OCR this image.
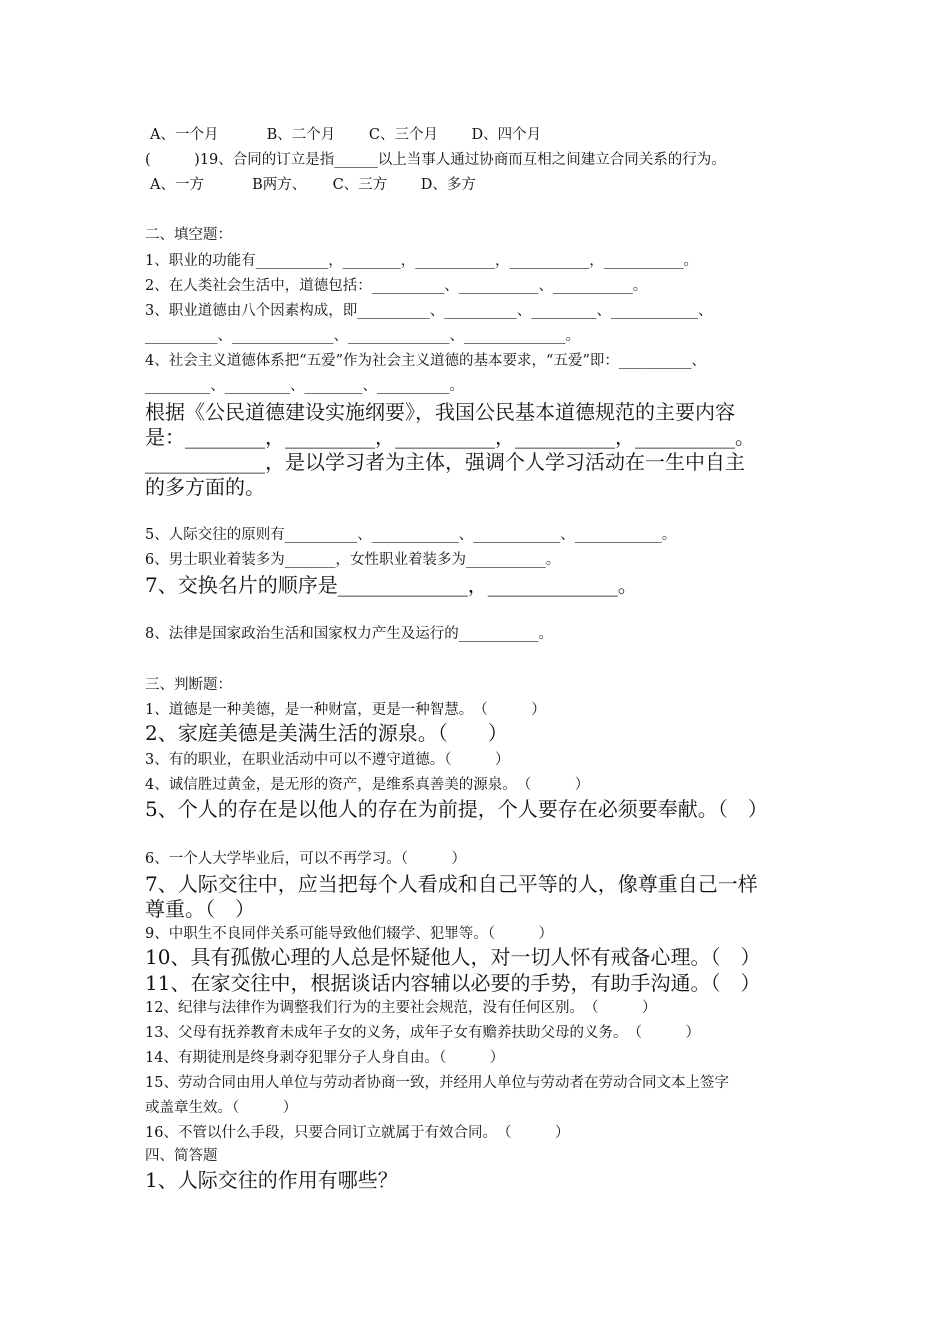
A、一个月　　　 B、二个月　　 C、三个月　　 D、四个月
(　　　)19、合同的订立是指______以上当事人通过协商而互相之间建立合同关系的行为。
A、一方　　　 B两方、　　 C、三方　　 D、多方
二、填空题：
1、职业的功能有__________，________，___________，___________，___________。
2、在人类社会生活中，道德包括：__________、___________、___________。
3、职业道德由八个因素构成，即__________、__________、_________、____________、
__________、______________、______________、______________。
4、社会主义道德体系把“五爱”作为社会主义道德的基本要求，“五爱”即：__________、
_________、_________、________、__________。
根据《公民道德建设实施纲要》，我国公民基本道德规范的主要内容
是：________，_________，__________，__________，__________。
____________，是以学习者为主体，强调个人学习活动在一生中自主
的多方面的。
5、人际交往的原则有__________、____________、____________、____________。
6、男士职业着装多为_______，女性职业着装多为___________。
7、交换名片的顺序是_____________，_____________。
8、法律是国家政治生活和国家权力产生及运行的___________。
三、判断题：
1、道德是一种美德，是一种财富，更是一种智慧。　（　　　）
2、家庭美德是美满生活的源泉。（　　）
3、有的职业，在职业活动中可以不遵守道德。（　　　）
4、诚信胜过黄金，是无形的资产，是维系真善美的源泉。　（　　　）
5、个人的存在是以他人的存在为前提，个人要存在必须要奉献。（　）
6、一个人大学毕业后，可以不再学习。（　　　）
7、人际交往中，应当把每个人看成和自己平等的人，像尊重自己一样
尊重。（　）
9、中职生不良同伴关系可能导致他们辍学、犯罪等。（　　　）
10、具有孤傲心理的人总是怀疑他人，对一切人怀有戒备心理。（　）
11、在家交往中，根据谈话内容辅以必要的手势，有助手沟通。（　）
12、纪律与法律作为调整我们行为的主要社会规范，没有任何区别。　（　　　）
13、父母有抚养教育未成年子女的义务，成年子女有赡养扶助父母的义务。　（　　　）
14、有期徒刑是终身剥夺犯罪分子人身自由。（　　　）
15、劳动合同由用人单位与劳动者协商一致，并经用人单位与劳动者在劳动合同文本上签字
或盖章生效。（　　　）
16、不管以什么手段，只要合同订立就属于有效合同。　（　　　）
四、简答题
1、人际交往的作用有哪些？
